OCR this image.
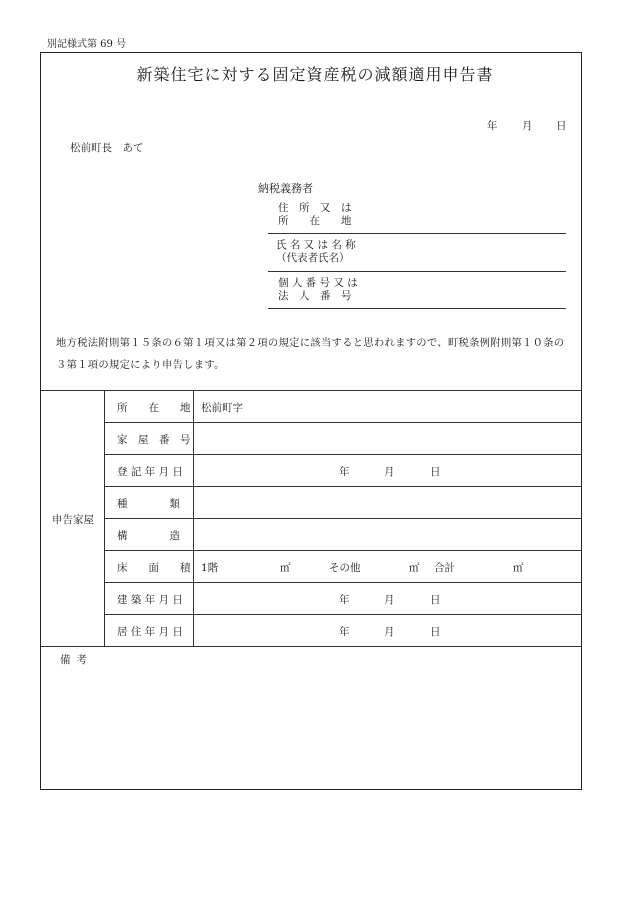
別記様式第 69 号
新築住宅に対する固定資産税の減額適用申告書
年 月 日
松前町長　あて
納税義務者
住　所　又　は
所　　在　　地
氏 名 又 は 名 称
（代表者氏名）
個 人 番 号 又 は
法　人　番　号
地方税法附則第１５条の６第１項又は第２項の規定に該当すると思われますので、町税条例附則第１０条の３第１項の規定により申告します。
申告家屋
所　　在　　地 松前町字
家　屋　番　号
登 記 年 月 日	年	月	日
種　　　　類
構　　　　造
床　　面　　積 1階	㎡	その他	㎡ 合計	㎡
建 築 年 月 日	年	月	日
居 住 年 月 日	年	月	日
備考
